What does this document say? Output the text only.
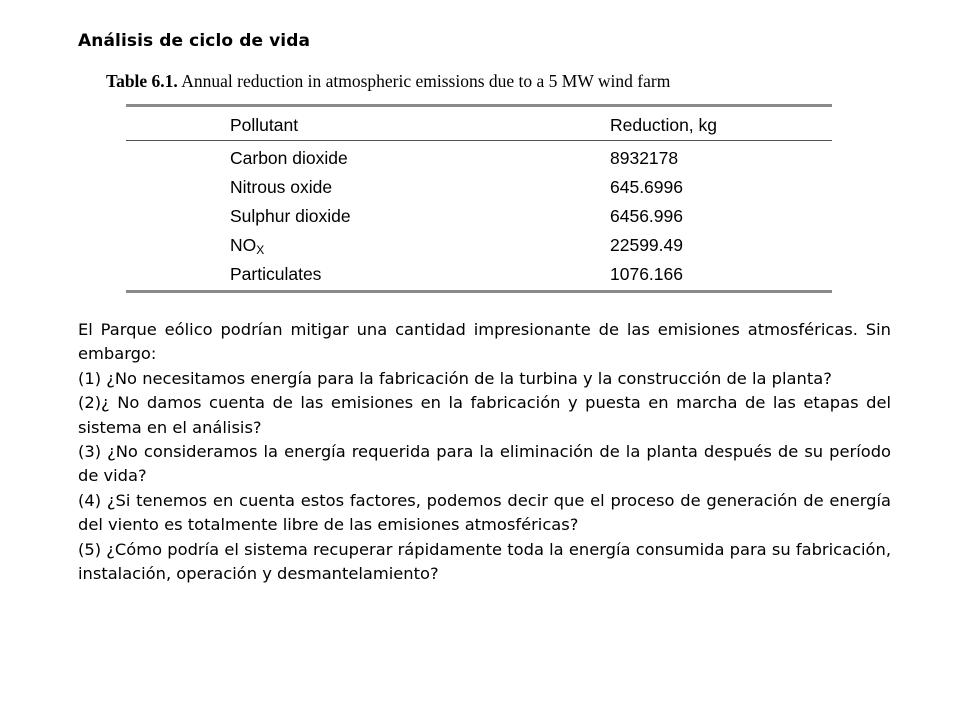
Análisis de ciclo de vida
Table 6.1. Annual reduction in atmospheric emissions due to a 5 MW wind farm
Pollutant	Reduction, kg
Carbon dioxide	8932178
Nitrous oxide	645.6996
Sulphur dioxide	6456.996
$NO_X$	22599.49
Particulates	1076.166
El Parque eólico podrían mitigar una cantidad impresionante de las emisiones atmosféricas. Sin embargo:
(1) ¿No necesitamos energía para la fabricación de la turbina y la construcción de la planta?
(2)¿ No damos cuenta de las emisiones en la fabricación y puesta en marcha de las etapas del sistema en el análisis?
(3) ¿No consideramos la energía requerida para la eliminación de la planta después de su período de vida?
(4) ¿Si tenemos en cuenta estos factores, podemos decir que el proceso de generación de energía del viento es totalmente libre de las emisiones atmosféricas?
(5) ¿Cómo podría el sistema recuperar rápidamente toda la energía consumida para su fabricación, instalación, operación y desmantelamiento?
